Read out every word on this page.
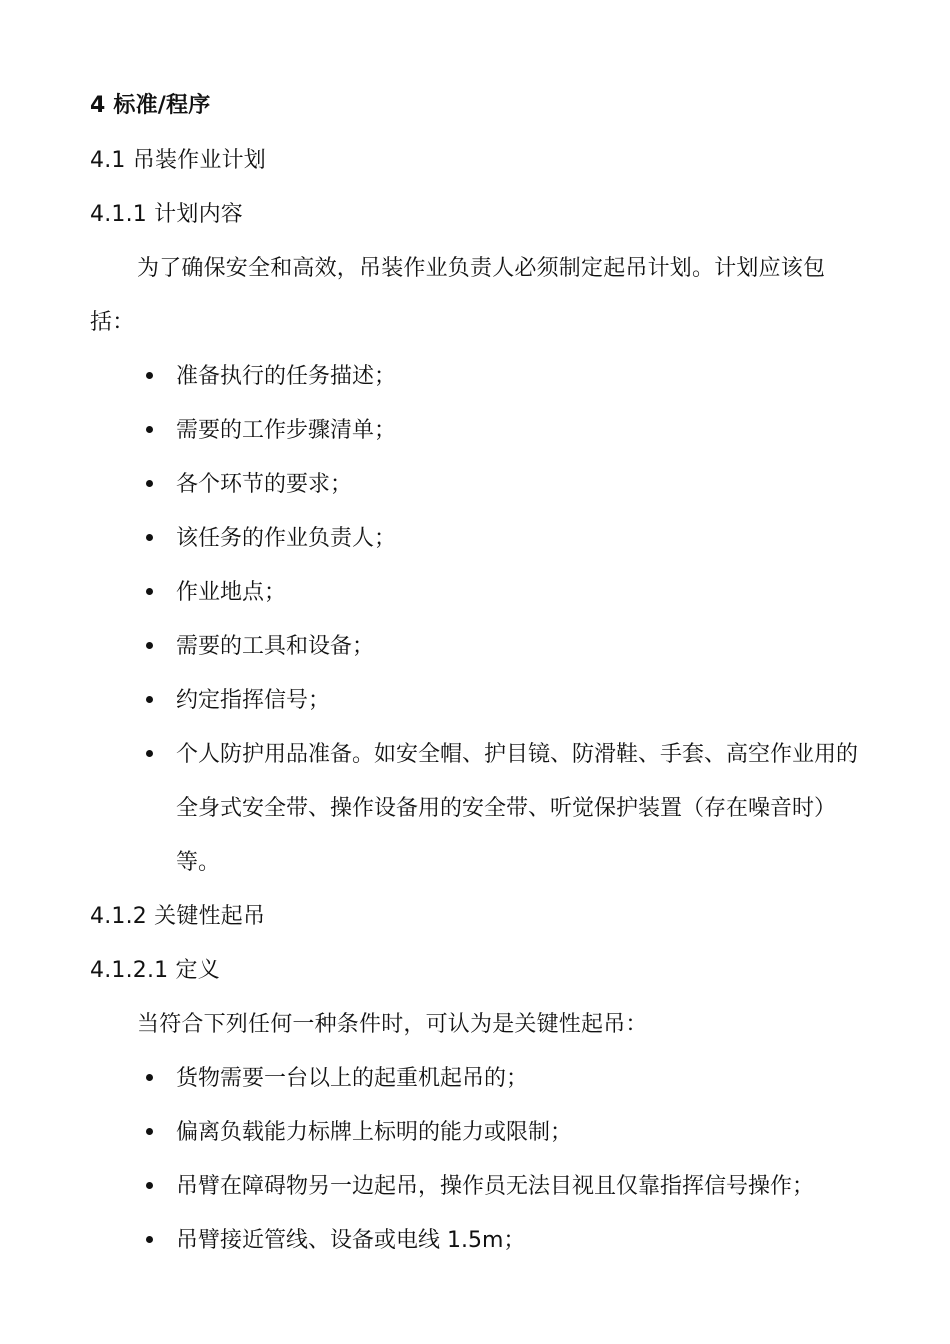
4 标准/程序
4.1 吊装作业计划
4.1.1 计划内容
为了确保安全和高效，吊装作业负责人必须制定起吊计划。计划应该包
括：
准备执行的任务描述；
需要的工作步骤清单；
各个环节的要求；
该任务的作业负责人；
作业地点；
需要的工具和设备；
约定指挥信号；
个人防护用品准备。如安全帽、护目镜、防滑鞋、手套、高空作业用的
全身式安全带、操作设备用的安全带、听觉保护装置（存在噪音时）
等。
4.1.2 关键性起吊
4.1.2.1 定义
当符合下列任何一种条件时，可认为是关键性起吊：
货物需要一台以上的起重机起吊的；
偏离负载能力标牌上标明的能力或限制；
吊臂在障碍物另一边起吊，操作员无法目视且仅靠指挥信号操作；
吊臂接近管线、设备或电线 1.5m；
